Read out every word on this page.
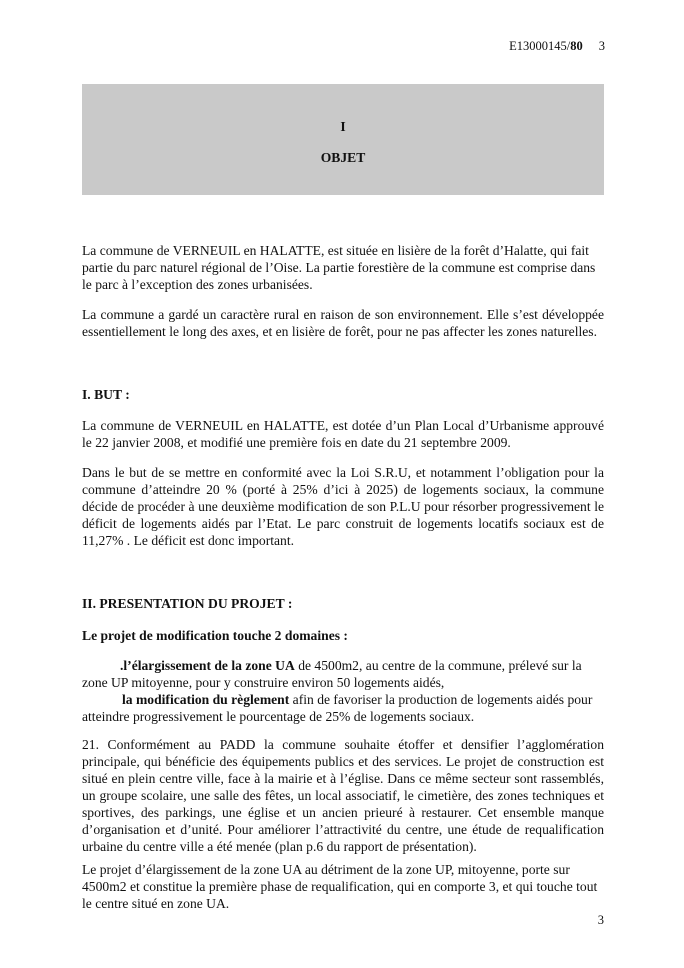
E13000145/80 3
I
OBJET

La commune de VERNEUIL en HALATTE, est située en lisière de la forêt d’Halatte, qui fait partie du parc naturel régional de l’Oise. La partie forestière de la commune est comprise dans le parc à l’exception des zones urbanisées.

La commune a gardé un caractère rural en raison de son environnement. Elle s’est développée essentiellement le long des axes, et en lisière de forêt, pour ne pas affecter les zones naturelles.

I. BUT :

La commune de VERNEUIL en HALATTE, est dotée d’un Plan Local d’Urbanisme approuvé le 22 janvier 2008, et modifié une première fois en date du 21 septembre 2009.

Dans le but de se mettre en conformité avec la Loi S.R.U, et notamment l’obligation pour la commune d’atteindre 20 % (porté à 25% d’ici à 2025) de logements sociaux, la commune décide de procéder à une deuxième modification de son P.L.U pour résorber progressivement le déficit de logements aidés par l’Etat. Le parc construit de logements locatifs sociaux est de 11,27% . Le déficit est donc important.

II. PRESENTATION DU PROJET :
Le projet de modification touche 2 domaines :

.l’élargissement de la zone UA de 4500m2, au centre de la commune, prélevé sur la zone UP mitoyenne, pour y construire environ 50 logements aidés,

la modification du règlement afin de favoriser la production de logements aidés pour atteindre progressivement le pourcentage de 25% de logements sociaux.

21. Conformément au PADD la commune souhaite étoffer et densifier l’agglomération principale, qui bénéficie des équipements publics et des services. Le projet de construction est situé en plein centre ville, face à la mairie et à l’église. Dans ce même secteur sont rassemblés, un groupe scolaire, une salle des fêtes, un local associatif, le cimetière, des zones techniques et sportives, des parkings, une église et un ancien prieuré à restaurer. Cet ensemble manque d’organisation et d’unité. Pour améliorer l’attractivité du centre, une étude de requalification urbaine du centre ville a été menée (plan p.6 du rapport de présentation).

Le projet d’élargissement de la zone UA au détriment de la zone UP, mitoyenne, porte sur 4500m2 et constitue la première phase de requalification, qui en comporte 3, et qui touche tout le centre situé en zone UA.

3
